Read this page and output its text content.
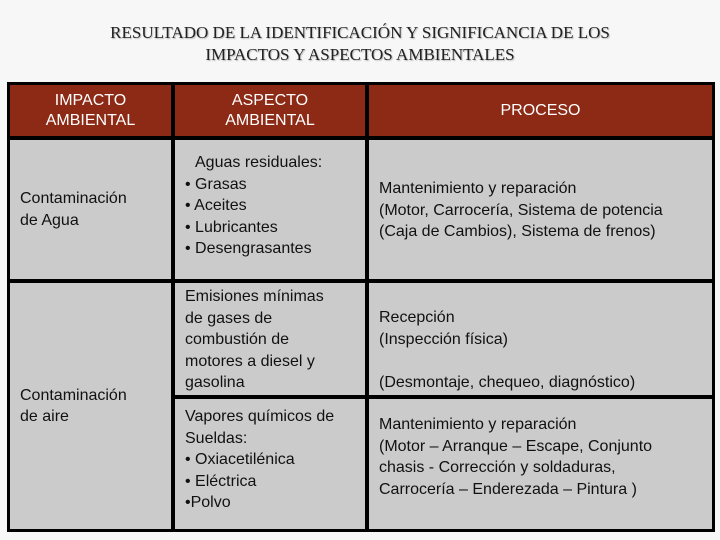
RESULTADO DE LA IDENTIFICACIÓN Y SIGNIFICANCIA DE LOS
IMPACTOS Y ASPECTOS AMBIENTALES
IMPACTO
AMBIENTAL
ASPECTO
AMBIENTAL
PROCESO
Contaminación
de Agua
Aguas residuales:
• Grasas
• Aceites
• Lubricantes
• Desengrasantes
Mantenimiento y reparación
(Motor, Carrocería, Sistema de potencia
(Caja de Cambios), Sistema de frenos)
Contaminación
de aire
Emisiones mínimas
de gases de
combustión de
motores a diesel y
gasolina
Recepción
(Inspección física)
(Desmontaje, chequeo, diagnóstico)
Vapores químicos de
Sueldas:
• Oxiacetilénica
• Eléctrica
•Polvo
Mantenimiento y reparación
(Motor – Arranque – Escape, Conjunto
chasis - Corrección y soldaduras,
Carrocería – Enderezada – Pintura )
